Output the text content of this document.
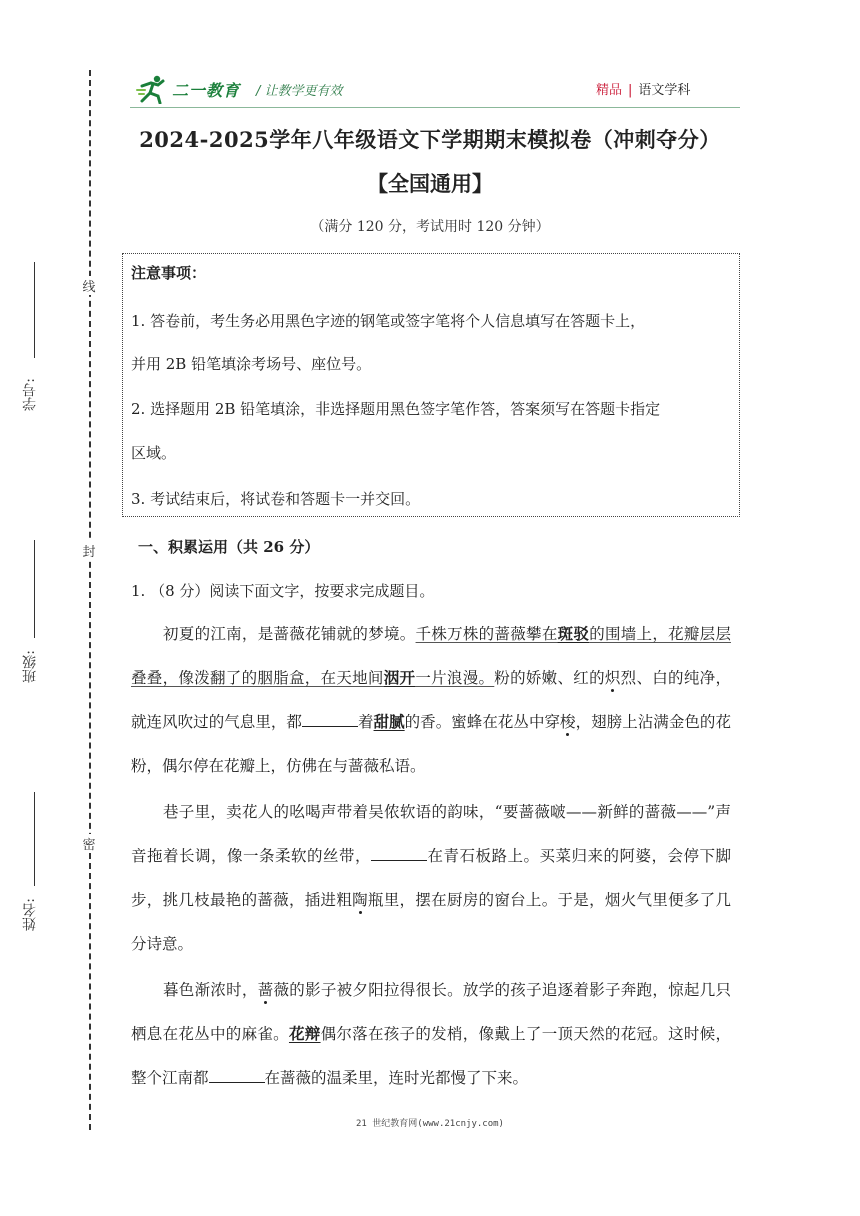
线
封
密
学号:
班级:
姓名:
二一教育 / 让教学更有效	精品 | 语文学科
2024-2025学年八年级语文下学期期末模拟卷（冲刺夺分）
【全国通用】
（满分 120 分，考试用时 120 分钟）
注意事项：
1. 答卷前，考生务必用黑色字迹的钢笔或签字笔将个人信息填写在答题卡上，
并用 2B 铅笔填涂考场号、座位号。
2. 选择题用 2B 铅笔填涂，非选择题用黑色签字笔作答，答案须写在答题卡指定
区域。
3. 考试结束后，将试卷和答题卡一并交回。
一、积累运用（共 26 分）
1. （8 分）阅读下面文字，按要求完成题目。

初夏的江南，是蔷薇花铺就的梦境。千株万株的蔷薇攀在斑驳的围墙上，花瓣层层叠叠，像泼翻了的胭脂盒，在天地间洇开一片浪漫。粉的娇嫩、红的炽烈、白的纯净，就连风吹过的气息里，都	着甜腻的香。蜜蜂在花丛中穿梭，翅膀上沾满金色的花粉，偶尔停在花瓣上，仿佛在与蔷薇私语。

巷子里，卖花人的吆喝声带着吴侬软语的韵味，“要蔷薇啵——新鲜的蔷薇——”声音拖着长调，像一条柔软的丝带，	在青石板路上。买菜归来的阿婆，会停下脚步，挑几枝最艳的蔷薇，插进粗陶瓶里，摆在厨房的窗台上。于是，烟火气里便多了几分诗意。

暮色渐浓时，蔷薇的影子被夕阳拉得很长。放学的孩子追逐着影子奔跑，惊起几只栖息在花丛中的麻雀。花辩偶尔落在孩子的发梢，像戴上了一顶天然的花冠。这时候，整个江南都	在蔷薇的温柔里，连时光都慢了下来。

21 世纪教育网(www.21cnjy.com)
